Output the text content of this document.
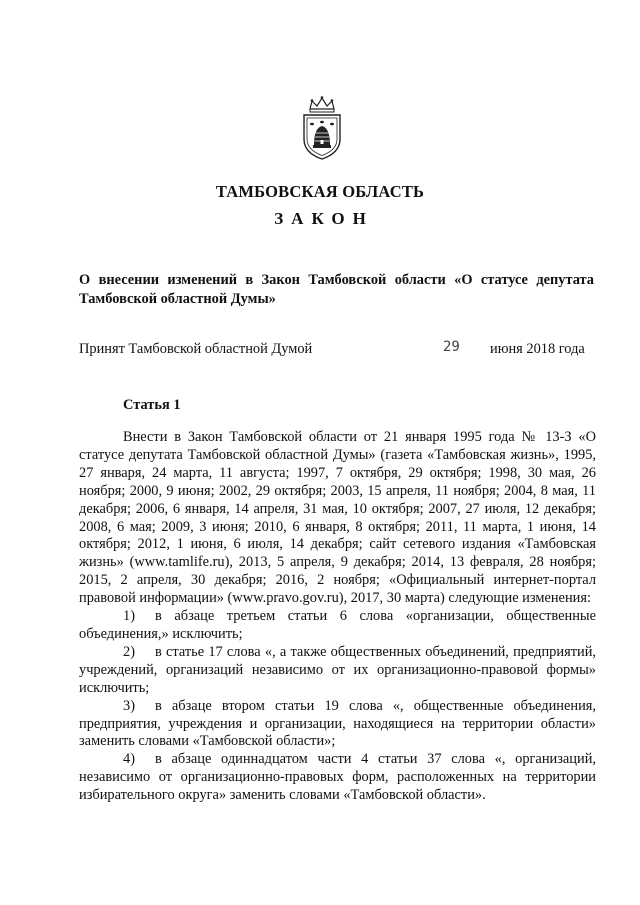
ТАМБОВСКАЯ ОБЛАСТЬ
ЗАКОН
О внесении изменений в Закон Тамбовской области «О статусе депутата Тамбовской областной Думы»
Принят Тамбовской областной Думой	29 июня 2018 года
Статья 1

Внести в Закон Тамбовской области от 21 января 1995 года № 13-З «О статусе депутата Тамбовской областной Думы» (газета «Тамбовская жизнь», 1995, 27 января, 24 марта, 11 августа; 1997, 7 октября, 29 октября; 1998, 30 мая, 26 ноября; 2000, 9 июня; 2002, 29 октября; 2003, 15 апреля, 11 ноября; 2004, 8 мая, 11 декабря; 2006, 6 января, 14 апреля, 31 мая, 10 октября; 2007, 27 июля, 12 декабря; 2008, 6 мая; 2009, 3 июня; 2010, 6 января, 8 октября; 2011, 11 марта, 1 июня, 14 октября; 2012, 1 июня, 6 июля, 14 декабря; сайт сетевого издания «Тамбовская жизнь» (www.tamlife.ru), 2013, 5 апреля, 9 декабря; 2014, 13 февраля, 28 ноября; 2015, 2 апреля, 30 декабря; 2016, 2 ноября; «Официальный интернет-портал правовой информации» (www.pravo.gov.ru), 2017, 30 марта) следующие изменения:

1) в абзаце третьем статьи 6 слова «организации, общественные объединения,» исключить;

2) в статье 17 слова «, а также общественных объединений, предприятий, учреждений, организаций независимо от их организационно-правовой формы» исключить;

3) в абзаце втором статьи 19 слова «, общественные объединения, предприятия, учреждения и организации, находящиеся на территории области» заменить словами «Тамбовской области»;

4) в абзаце одиннадцатом части 4 статьи 37 слова «, организаций, независимо от организационно-правовых форм, расположенных на территории избирательного округа» заменить словами «Тамбовской области».
